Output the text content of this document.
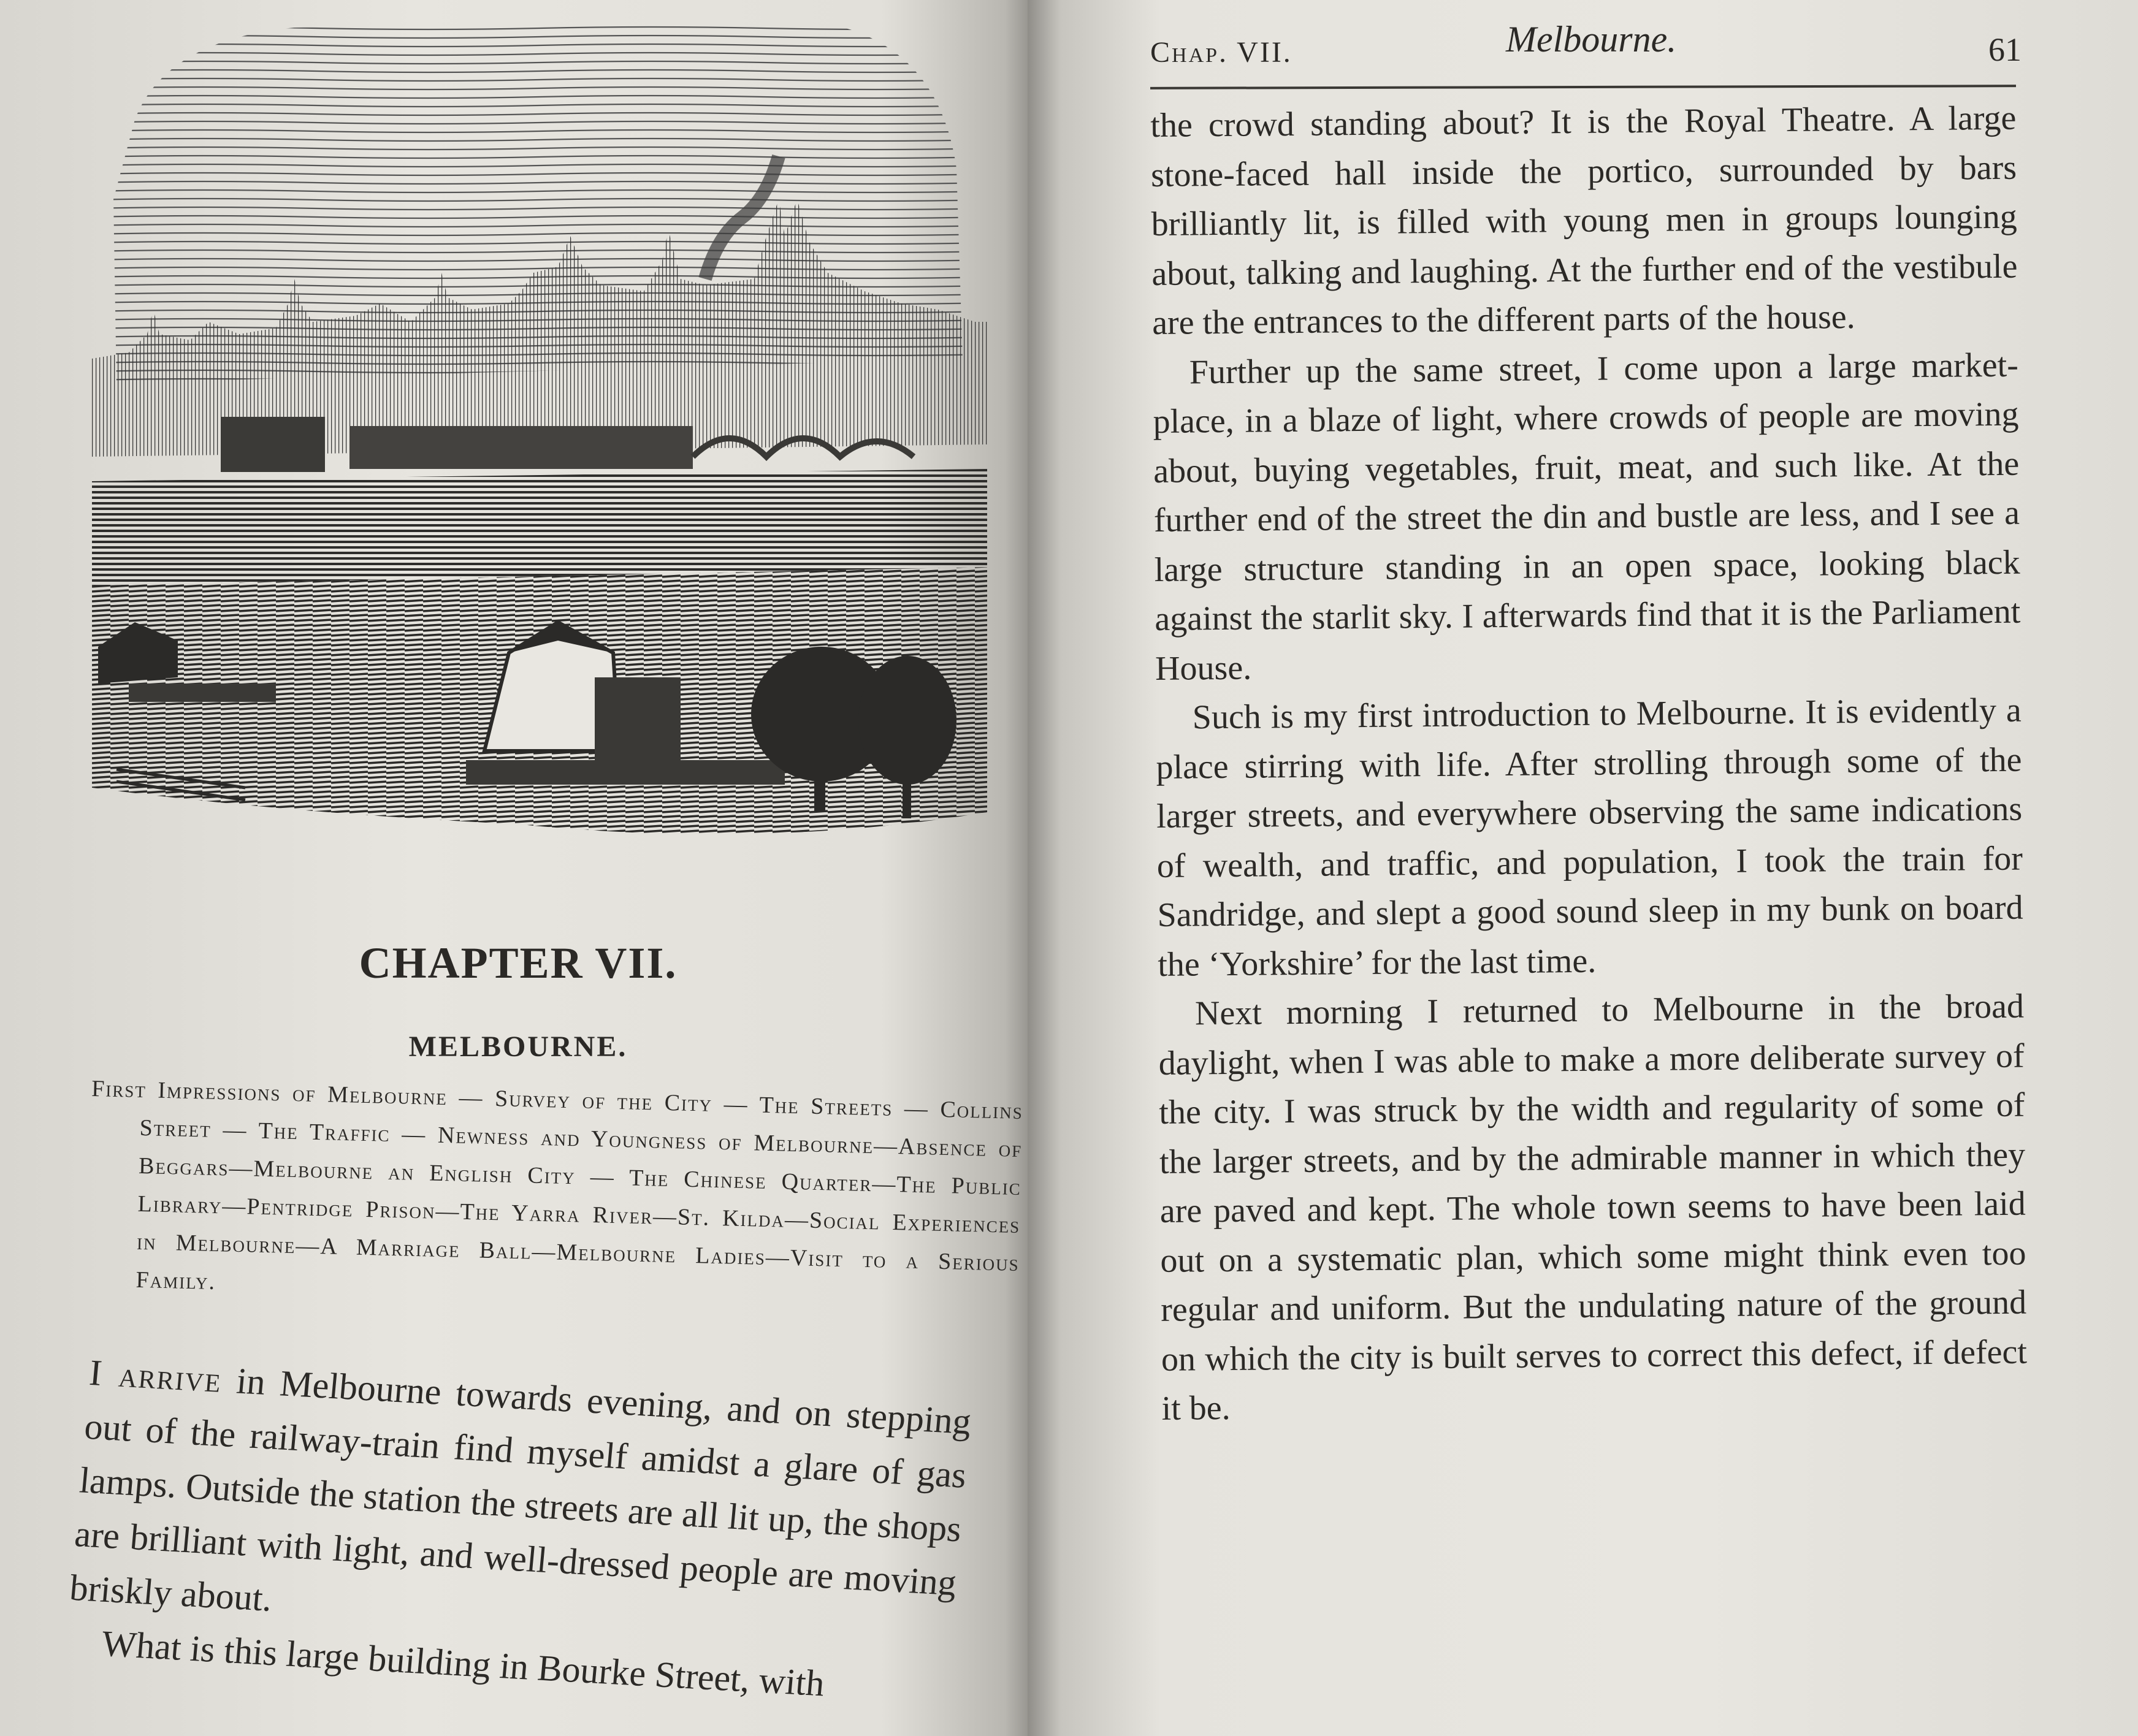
CHAPTER VII.
MELBOURNE.

First Impressions of Melbourne — Survey of the City — The Streets — Collins Street — The Traffic — Newness and Youngness of Melbourne—Absence of Beggars—Melbourne an English City — The Chinese Quarter—The Public Library—Pentridge Prison—The Yarra River—St. Kilda—Social Experiences in Melbourne—A Marriage Ball—Melbourne Ladies—Visit to a Serious Family.

I arrive in Melbourne towards evening, and on stepping out of the railway-train find myself amidst a glare of gas lamps. Outside the station the streets are all lit up, the shops are brilliant with light, and well-dressed people are moving briskly about.

What is this large building in Bourke Street, with

Chap. VII.	Melbourne.	61

the crowd standing about? It is the Royal Theatre. A large stone-faced hall inside the portico, surrounded by bars brilliantly lit, is filled with young men in groups lounging about, talking and laughing. At the further end of the vestibule are the entrances to the different parts of the house.

Further up the same street, I come upon a large market-place, in a blaze of light, where crowds of people are moving about, buying vegetables, fruit, meat, and such like. At the further end of the street the din and bustle are less, and I see a large structure standing in an open space, looking black against the starlit sky. I afterwards find that it is the Parliament House.

Such is my first introduction to Melbourne. It is evidently a place stirring with life. After strolling through some of the larger streets, and everywhere observing the same indications of wealth, and traffic, and population, I took the train for Sandridge, and slept a good sound sleep in my bunk on board the ‘Yorkshire’ for the last time.

Next morning I returned to Melbourne in the broad daylight, when I was able to make a more deliberate survey of the city. I was struck by the width and regularity of some of the larger streets, and by the admirable manner in which they are paved and kept. The whole town seems to have been laid out on a systematic plan, which some might think even too regular and uniform. But the undulating nature of the ground on which the city is built serves to correct this defect, if defect it be.
